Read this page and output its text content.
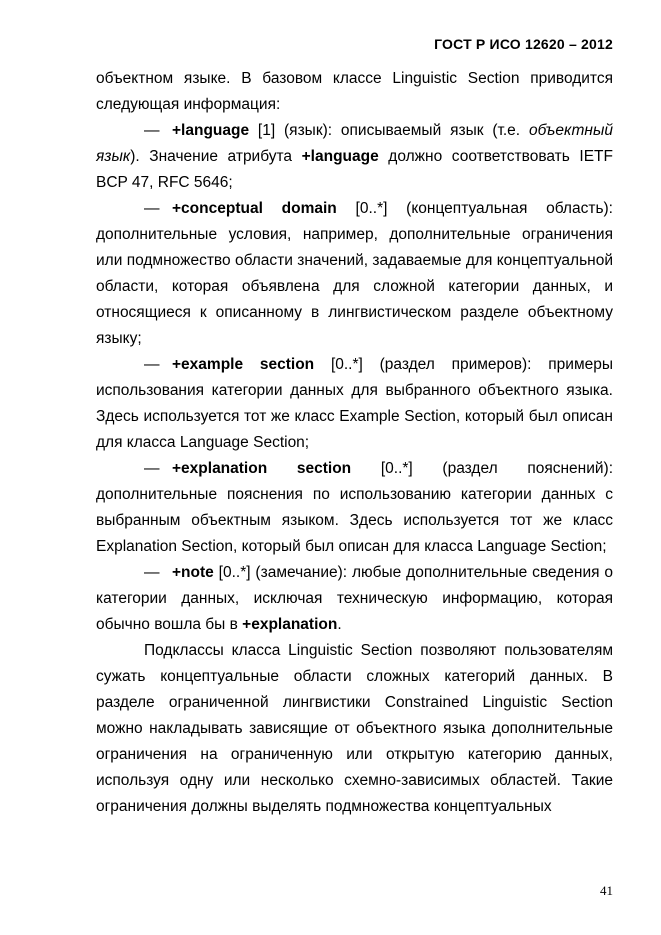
ГОСТ Р ИСО 12620 – 2012

объектном языке. В базовом классе Linguistic Section приводится следующая информация:

— +language [1] (язык): описываемый язык (т.е. объектный язык). Значение атрибута +language должно соответствовать IETF BCP 47, RFC 5646;

— +conceptual domain [0..*] (концептуальная область): дополнительные условия, например, дополнительные ограничения или подмножество области значений, задаваемые для концептуальной области, которая объявлена для сложной категории данных, и относящиеся к описанному в лингвистическом разделе объектному языку;

— +example section [0..*] (раздел примеров): примеры использования категории данных для выбранного объектного языка. Здесь используется тот же класс Example Section, который был описан для класса Language Section;

— +explanation section [0..*] (раздел пояснений): дополнительные пояснения по использованию категории данных с выбранным объектным языком. Здесь используется тот же класс Explanation Section, который был описан для класса Language Section;

— +note [0..*] (замечание): любые дополнительные сведения о категории данных, исключая техническую информацию, которая обычно вошла бы в +explanation.

Подклассы класса Linguistic Section позволяют пользователям сужать концептуальные области сложных категорий данных. В разделе ограниченной лингвистики Constrained Linguistic Section можно накладывать зависящие от объектного языка дополнительные ограничения на ограниченную или открытую категорию данных, используя одну или несколько схемно-зависимых областей. Такие ограничения должны выделять подмножества концептуальных

41
